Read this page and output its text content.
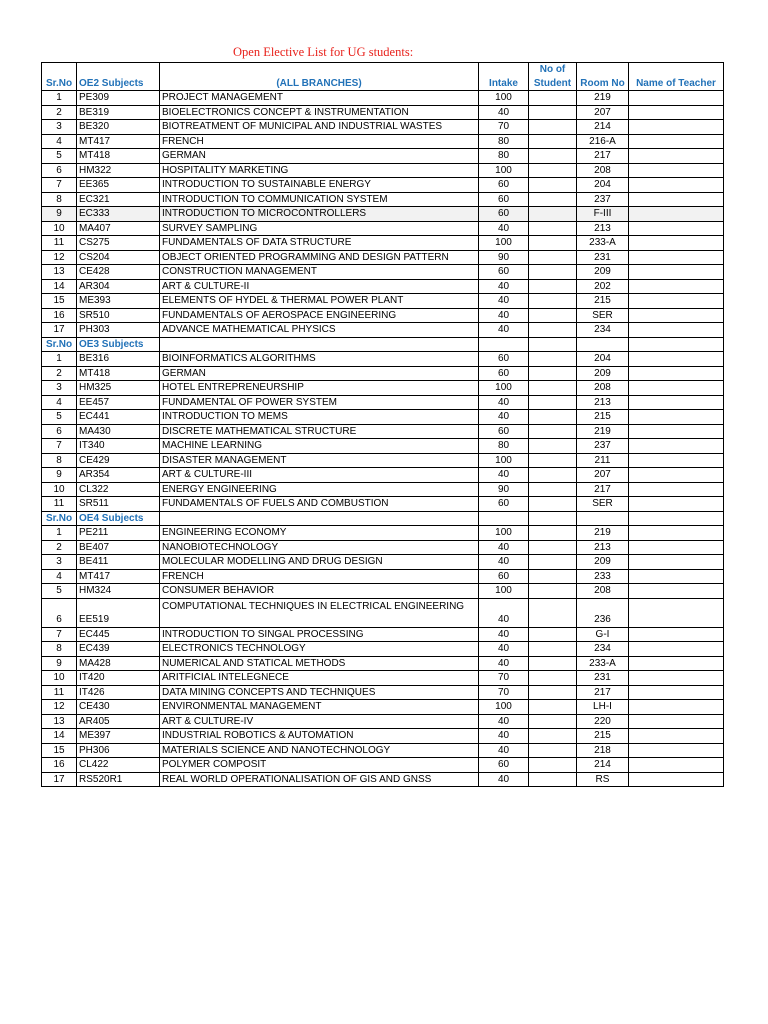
Open Elective List for UG students:
				No of		
Sr.No	OE2 Subjects	(ALL BRANCHES)	Intake	Student	Room No	Name of Teacher
1	PE309	PROJECT MANAGEMENT	100		219	
2	BE319	BIOELECTRONICS CONCEPT & INSTRUMENTATION	40		207	
3	BE320	BIOTREATMENT OF MUNICIPAL AND INDUSTRIAL WASTES	70		214	
4	MT417	FRENCH	80		216-A	
5	MT418	GERMAN	80		217	
6	HM322	HOSPITALITY MARKETING	100		208	
7	EE365	INTRODUCTION TO SUSTAINABLE ENERGY	60		204	
8	EC321	INTRODUCTION TO COMMUNICATION SYSTEM	60		237	
9	EC333	INTRODUCTION TO MICROCONTROLLERS	60		F-III	
10	MA407	SURVEY SAMPLING	40		213	
11	CS275	FUNDAMENTALS OF DATA STRUCTURE	100		233-A	
12	CS204	OBJECT ORIENTED PROGRAMMING AND DESIGN PATTERN	90		231	
13	CE428	CONSTRUCTION MANAGEMENT	60		209	
14	AR304	ART & CULTURE-II	40		202	
15	ME393	ELEMENTS OF HYDEL & THERMAL POWER PLANT	40		215	
16	SR510	FUNDAMENTALS OF AEROSPACE ENGINEERING	40		SER	
17	PH303	ADVANCE MATHEMATICAL PHYSICS	40		234	
Sr.No	OE3 Subjects					
1	BE316	BIOINFORMATICS ALGORITHMS	60		204	
2	MT418	GERMAN	60		209	
3	HM325	HOTEL ENTREPRENEURSHIP	100		208	
4	EE457	FUNDAMENTAL OF POWER SYSTEM	40		213	
5	EC441	INTRODUCTION TO MEMS	40		215	
6	MA430	DISCRETE MATHEMATICAL STRUCTURE	60		219	
7	IT340	MACHINE LEARNING	80		237	
8	CE429	DISASTER MANAGEMENT	100		211	
9	AR354	ART & CULTURE-III	40		207	
10	CL322	ENERGY ENGINEERING	90		217	
11	SR511	FUNDAMENTALS OF FUELS AND COMBUSTION	60		SER	
Sr.No	OE4 Subjects					
1	PE211	ENGINEERING ECONOMY	100		219	
2	BE407	NANOBIOTECHNOLOGY	40		213	
3	BE411	MOLECULAR MODELLING AND DRUG DESIGN	40		209	
4	MT417	FRENCH	60		233	
5	HM324	CONSUMER BEHAVIOR	100		208	
6	EE519	COMPUTATIONAL TECHNIQUES IN ELECTRICAL ENGINEERING	40		236	
7	EC445	INTRODUCTION TO SINGAL PROCESSING	40		G-I	
8	EC439	ELECTRONICS TECHNOLOGY	40		234	
9	MA428	NUMERICAL AND STATICAL METHODS	40		233-A	
10	IT420	ARITFICIAL INTELEGNECE	70		231	
11	IT426	DATA MINING CONCEPTS AND TECHNIQUES	70		217	
12	CE430	ENVIRONMENTAL MANAGEMENT	100		LH-I	
13	AR405	ART & CULTURE-IV	40		220	
14	ME397	INDUSTRIAL ROBOTICS & AUTOMATION	40		215	
15	PH306	MATERIALS SCIENCE AND NANOTECHNOLOGY	40		218	
16	CL422	POLYMER COMPOSIT	60		214	
17	RS520R1	REAL WORLD OPERATIONALISATION OF GIS AND GNSS	40		RS	
